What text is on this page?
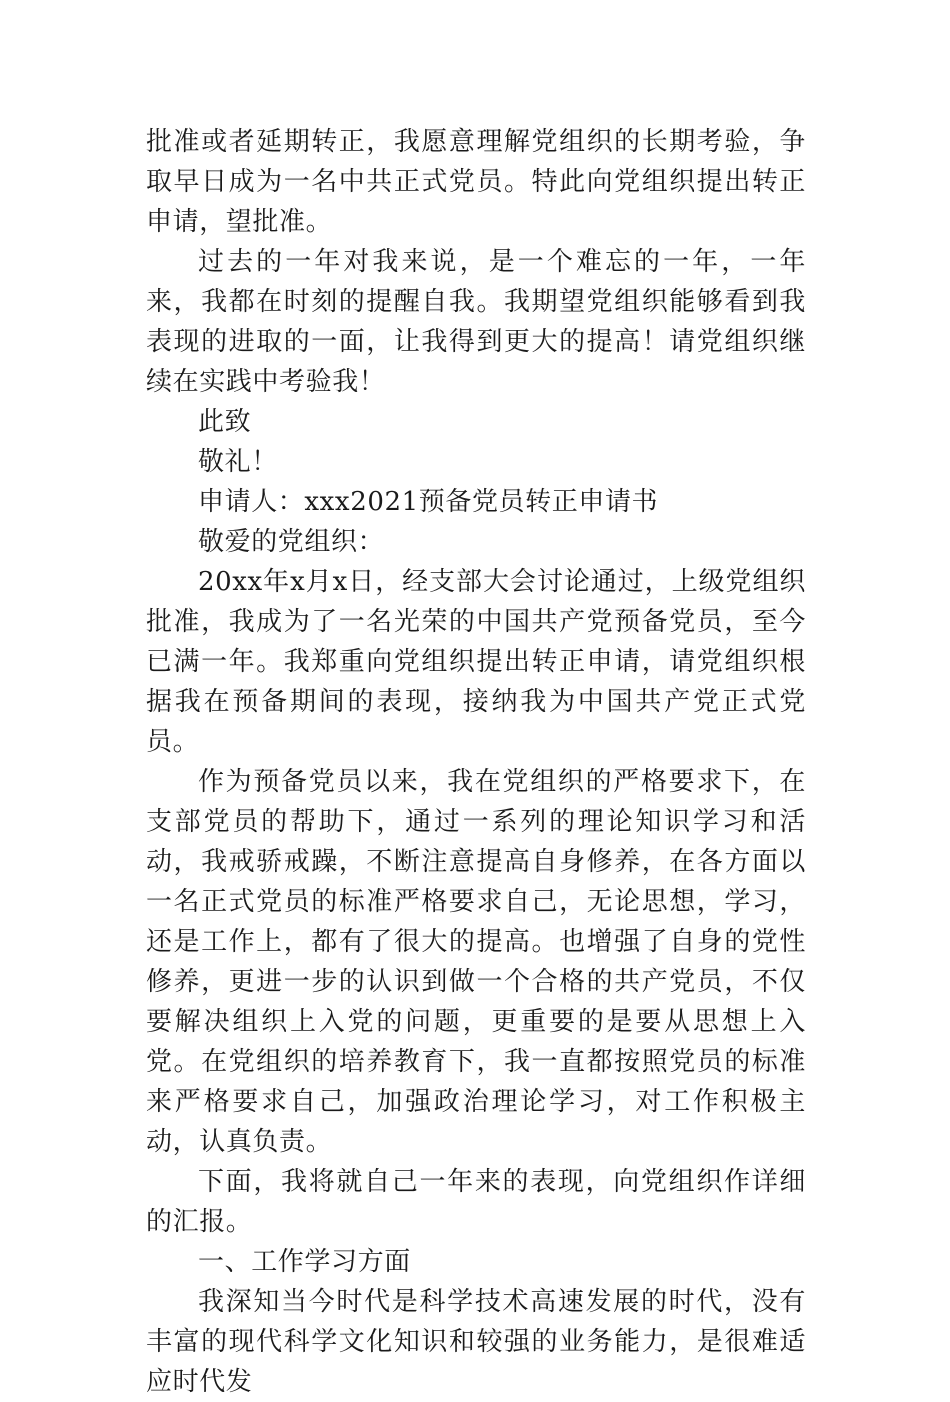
批准或者延期转正，我愿意理解党组织的长期考验，争取早日成为一名中共正式党员。特此向党组织提出转正申请，望批准。

过去的一年对我来说，是一个难忘的一年，一年来，我都在时刻的提醒自我。我期望党组织能够看到我表现的进取的一面，让我得到更大的提高！请党组织继续在实践中考验我！

此致

敬礼！

申请人：xxx2021预备党员转正申请书

敬爱的党组织：

20xx年x月x日，经支部大会讨论通过，上级党组织批准，我成为了一名光荣的中国共产党预备党员，至今已满一年。我郑重向党组织提出转正申请，请党组织根据我在预备期间的表现，接纳我为中国共产党正式党员。

作为预备党员以来，我在党组织的严格要求下，在支部党员的帮助下，通过一系列的理论知识学习和活动，我戒骄戒躁，不断注意提高自身修养，在各方面以一名正式党员的标准严格要求自己，无论思想，学习，还是工作上，都有了很大的提高。也增强了自身的党性修养，更进一步的认识到做一个合格的共产党员，不仅要解决组织上入党的问题，更重要的是要从思想上入党。在党组织的培养教育下，我一直都按照党员的标准来严格要求自己，加强政治理论学习，对工作积极主动，认真负责。

下面，我将就自己一年来的表现，向党组织作详细的汇报。

一、工作学习方面

我深知当今时代是科学技术高速发展的时代，没有丰富的现代科学文化知识和较强的业务能力，是很难适应时代发
